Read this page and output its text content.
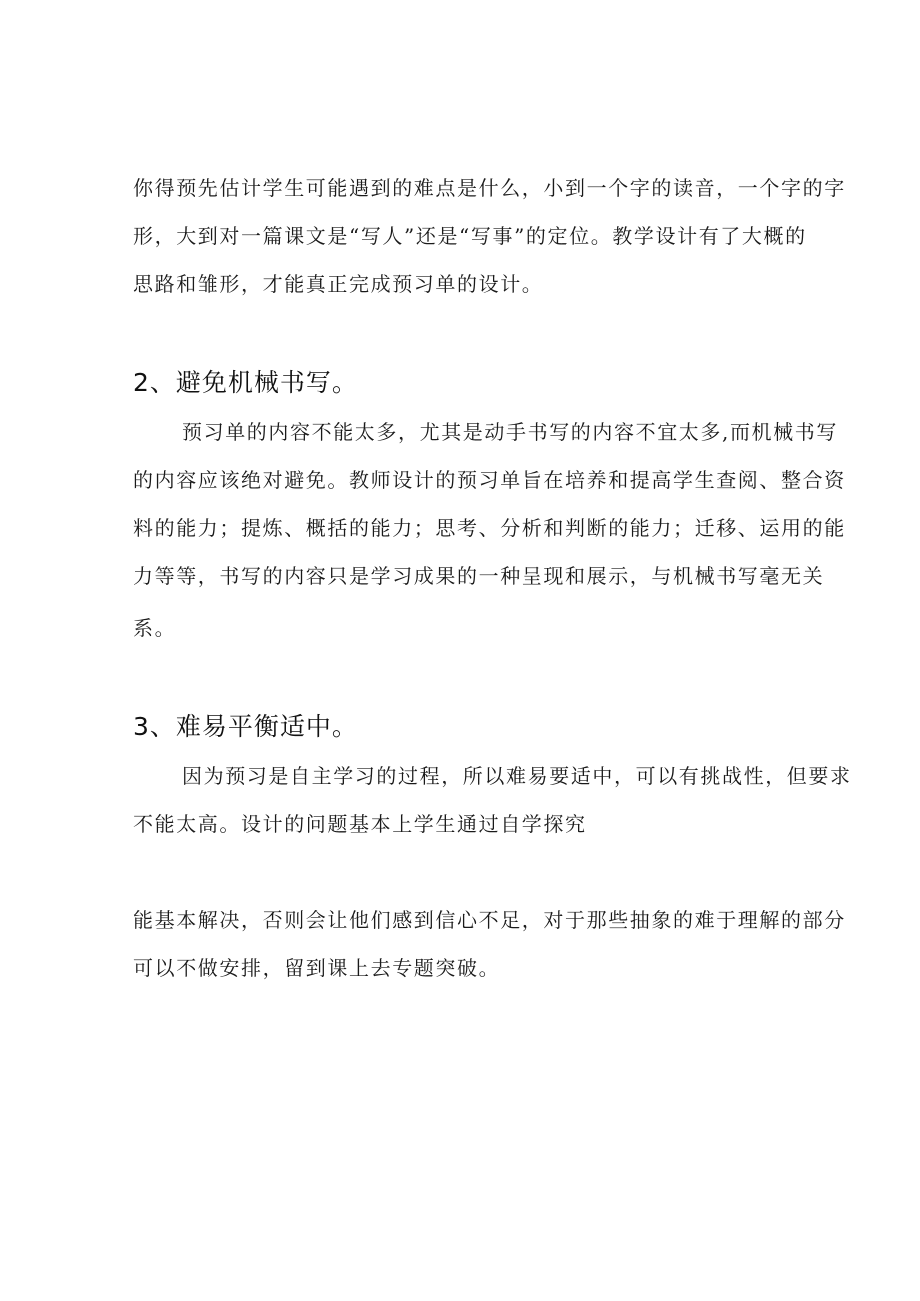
你得预先估计学生可能遇到的难点是什么，小到一个字的读音，一个字的字
形，大到对一篇课文是“写人”还是“写事”的定位。教学设计有了大概的
思路和雏形，才能真正完成预习单的设计。
2、避免机械书写。
预习单的内容不能太多，尤其是动手书写的内容不宜太多,而机械书写
的内容应该绝对避免。教师设计的预习单旨在培养和提高学生查阅、整合资
料的能力；提炼、概括的能力；思考、分析和判断的能力；迁移、运用的能
力等等，书写的内容只是学习成果的一种呈现和展示，与机械书写毫无关
系。
3、难易平衡适中。
因为预习是自主学习的过程，所以难易要适中，可以有挑战性，但要求
不能太高。设计的问题基本上学生通过自学探究
能基本解决，否则会让他们感到信心不足，对于那些抽象的难于理解的部分
可以不做安排，留到课上去专题突破。
